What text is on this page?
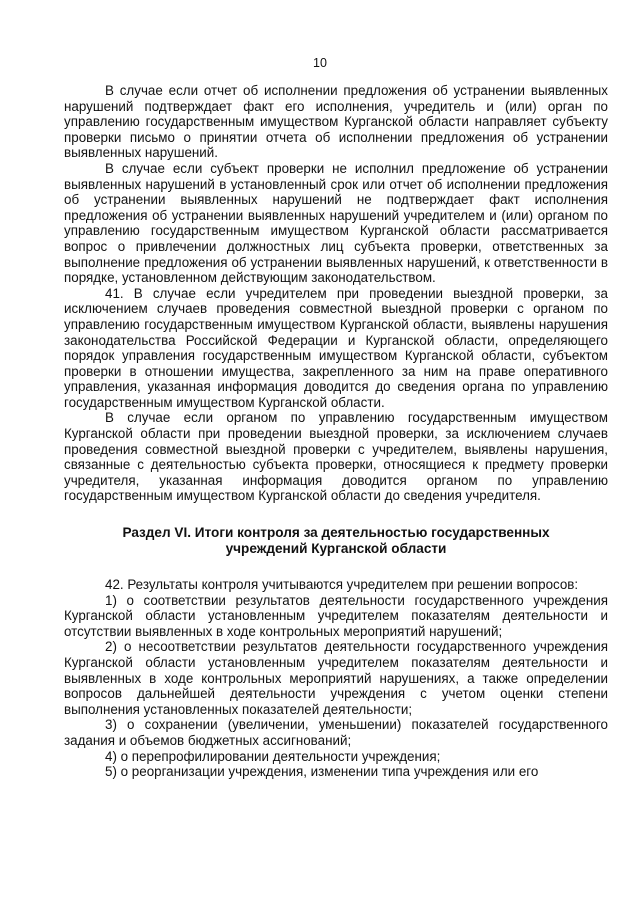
10

В случае если отчет об исполнении предложения об устранении выявленных нарушений подтверждает факт его исполнения, учредитель и (или) орган по управлению государственным имуществом Курганской области направляет субъекту проверки письмо о принятии отчета об исполнении предложения об устранении выявленных нарушений.

В случае если субъект проверки не исполнил предложение об устранении выявленных нарушений в установленный срок или отчет об исполнении предложения об устранении выявленных нарушений не подтверждает факт исполнения предложения об устранении выявленных нарушений учредителем и (или) органом по управлению государственным имуществом Курганской области рассматривается вопрос о привлечении должностных лиц субъекта проверки, ответственных за выполнение предложения об устранении выявленных нарушений, к ответственности в порядке, установленном действующим законодательством.

41. В случае если учредителем при проведении выездной проверки, за исключением случаев проведения совместной выездной проверки с органом по управлению государственным имуществом Курганской области, выявлены нарушения законодательства Российской Федерации и Курганской области, определяющего порядок управления государственным имуществом Курганской области, субъектом проверки в отношении имущества, закрепленного за ним на праве оперативного управления, указанная информация доводится до сведения органа по управлению государственным имуществом Курганской области.

В случае если органом по управлению государственным имуществом Курганской области при проведении выездной проверки, за исключением случаев проведения совместной выездной проверки с учредителем, выявлены нарушения, связанные с деятельностью субъекта проверки, относящиеся к предмету проверки учредителя, указанная информация доводится органом по управлению государственным имуществом Курганской области до сведения учредителя.

Раздел VI. Итоги контроля за деятельностью государственных
учреждений Курганской области

42. Результаты контроля учитываются учредителем при решении вопросов:

1) о соответствии результатов деятельности государственного учреждения Курганской области установленным учредителем показателям деятельности и отсутствии выявленных в ходе контрольных мероприятий нарушений;

2) о несоответствии результатов деятельности государственного учреждения Курганской области установленным учредителем показателям деятельности и выявленных в ходе контрольных мероприятий нарушениях, а также определении вопросов дальнейшей деятельности учреждения с учетом оценки степени выполнения установленных показателей деятельности;

3) о сохранении (увеличении, уменьшении) показателей государственного задания и объемов бюджетных ассигнований;

4) о перепрофилировании деятельности учреждения;

5) о реорганизации учреждения, изменении типа учреждения или его
